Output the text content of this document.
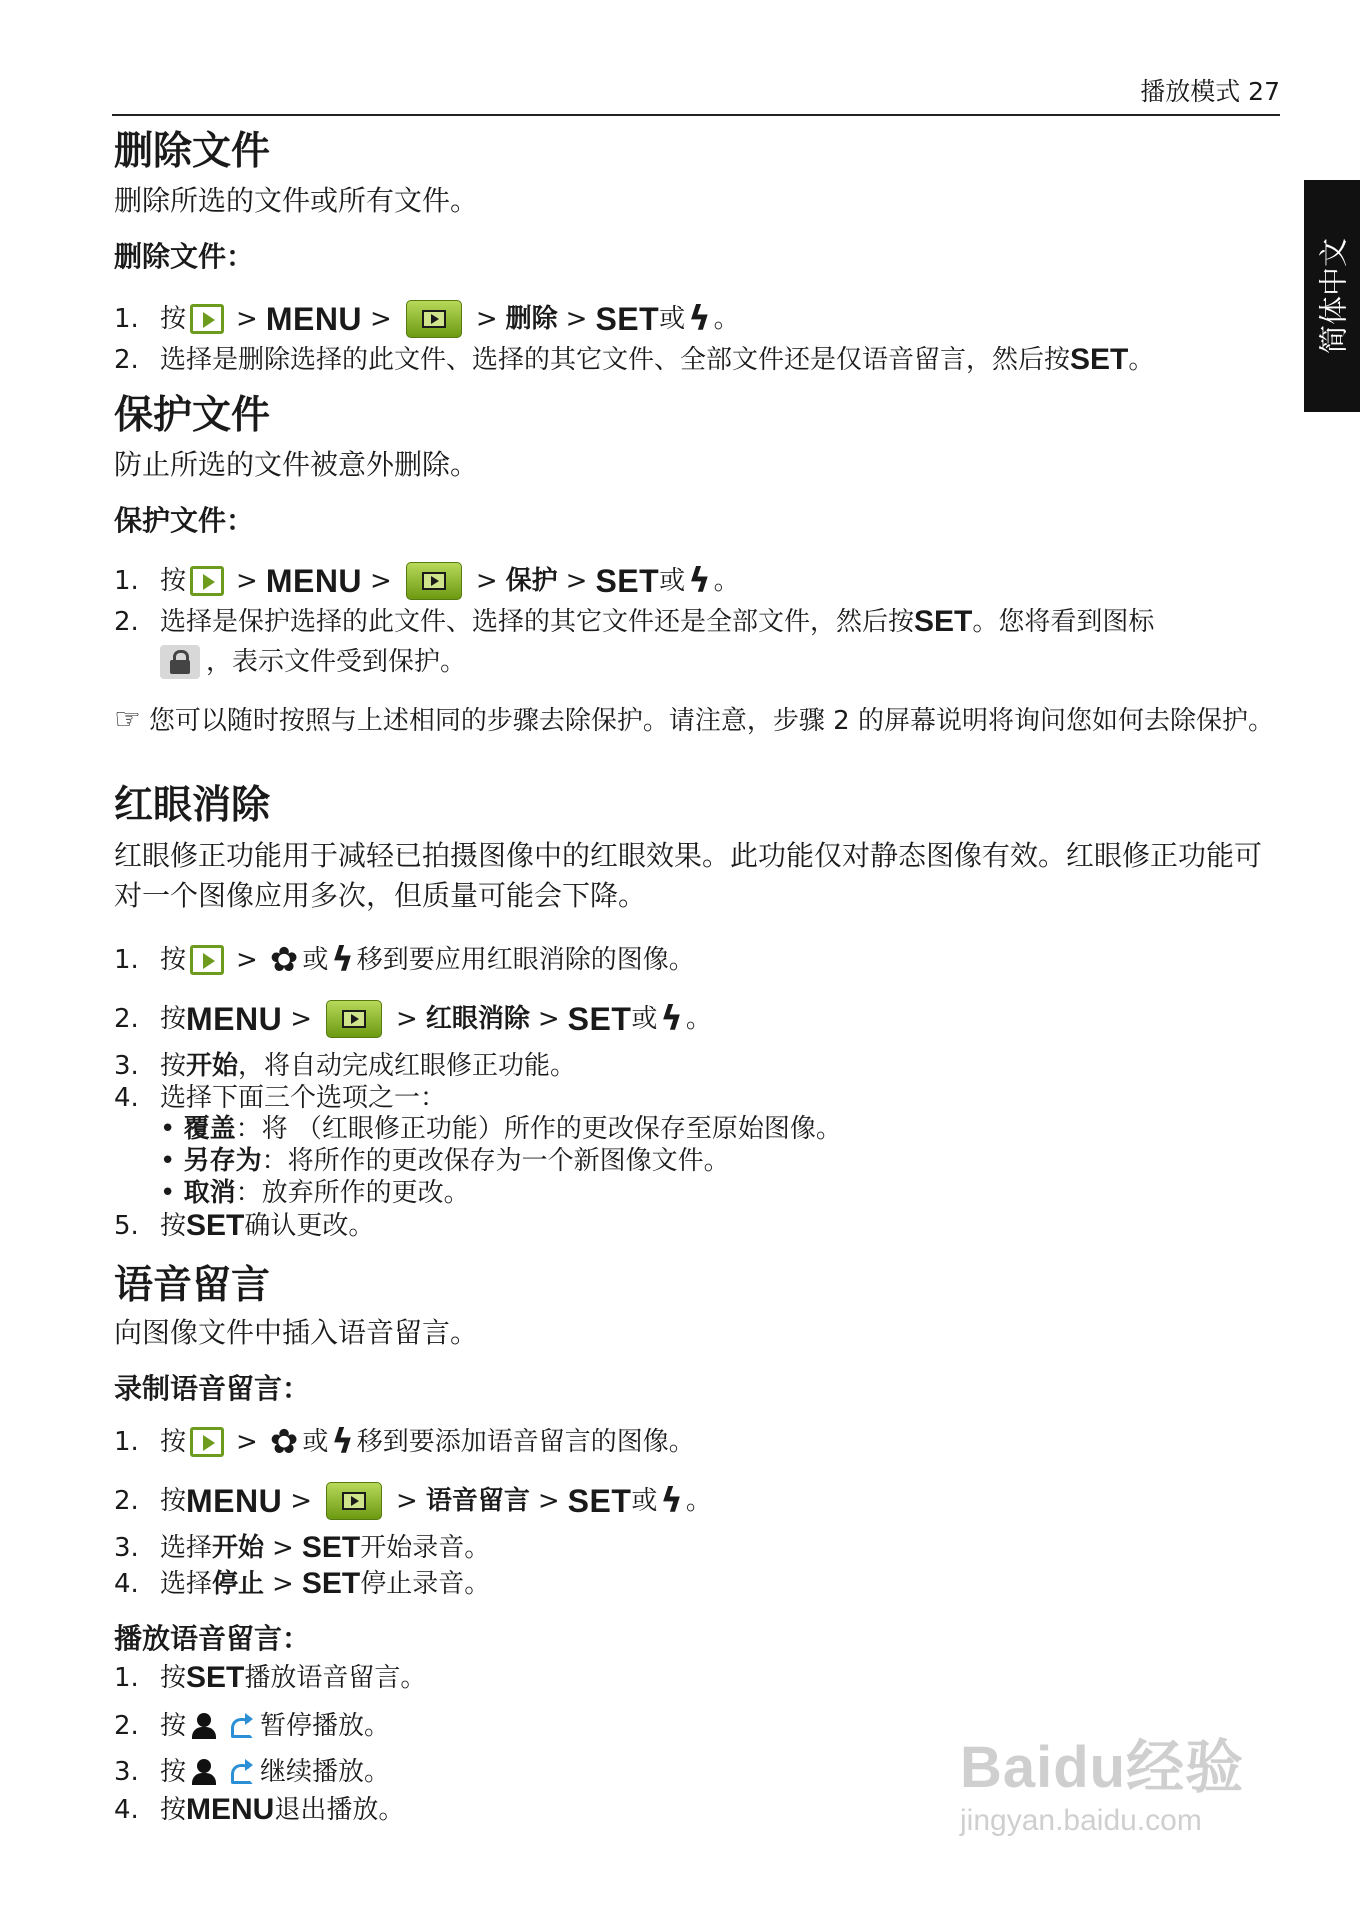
播放模式 27
简体中文
删除文件
删除所选的文件或所有文件。
删除文件：
1. 按 > MENU >	> 删除 > SET 或 ϟ 。
2. 选择是删除选择的此文件、选择的其它文件、全部文件还是仅语音留言，然后按 SET 。
保护文件
防止所选的文件被意外删除。
保护文件：
1. 按 > MENU >	> 保护 > SET 或 ϟ 。
2. 选择是保护选择的此文件、选择的其它文件还是全部文件，然后按 SET 。您将看到图标
，表示文件受到保护。
☞ 您可以随时按照与上述相同的步骤去除保护。请注意，步骤 2 的屏幕说明将询问您如何去除保护。
红眼消除
红眼修正功能用于减轻已拍摄图像中的红眼效果。此功能仅对静态图像有效。红眼修正功能可对一个图像应用多次，但质量可能会下降。
1. 按 > ✿ 或 ϟ 移到要应用红眼消除的图像。
2. 按 MENU >	> 红眼消除 > SET 或 ϟ 。
3. 按 开始 ，将自动完成红眼修正功能。
4. 选择下面三个选项之一：
• 覆盖：将 （红眼修正功能）所作的更改保存至原始图像。
• 另存为：将所作的更改保存为一个新图像文件。
• 取消：放弃所作的更改。
5. 按 SET 确认更改。
语音留言
向图像文件中插入语音留言。
录制语音留言：
1. 按 > ✿ 或 ϟ 移到要添加语音留言的图像。
2. 按 MENU >	> 语音留言 > SET 或 ϟ 。
3. 选择 开始 > SET 开始录音。
4. 选择 停止 > SET 停止录音。
播放语音留言：
1. 按 SET 播放语音留言。
2. 按	暂停播放。
3. 按	继续播放。
4. 按 MENU 退出播放。
Baidu经验
jingyan.baidu.com
